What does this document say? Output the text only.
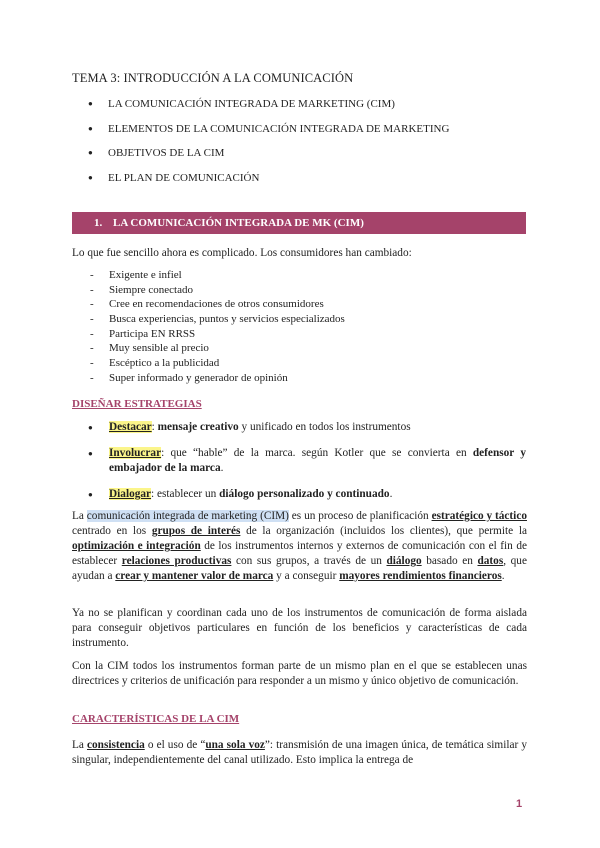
TEMA 3: INTRODUCCIÓN A LA COMUNICACIÓN
● LA COMUNICACIÓN INTEGRADA DE MARKETING (CIM)
● ELEMENTOS DE LA COMUNICACIÓN INTEGRADA DE MARKETING
● OBJETIVOS DE LA CIM
● EL PLAN DE COMUNICACIÓN
1. LA COMUNICACIÓN INTEGRADA DE MK (CIM)

Lo que fue sencillo ahora es complicado. Los consumidores han cambiado:

- Exigente e infiel
- Siempre conectado
- Cree en recomendaciones de otros consumidores
- Busca experiencias, puntos y servicios especializados
- Participa EN RRSS
- Muy sensible al precio
- Escéptico a la publicidad
- Super informado y generador de opinión
DISEÑAR ESTRATEGIAS
● Destacar: mensaje creativo y unificado en todos los instrumentos
● Involucrar: que “hable” de la marca. según Kotler que se convierta en defensor y embajador de la marca.
● Dialogar: establecer un diálogo personalizado y continuado.

La comunicación integrada de marketing (CIM) es un proceso de planificación estratégico y táctico centrado en los grupos de interés de la organización (incluidos los clientes), que permite la optimización e integración de los instrumentos internos y externos de comunicación con el fin de establecer relaciones productivas con sus grupos, a través de un diálogo basado en datos, que ayudan a crear y mantener valor de marca y a conseguir mayores rendimientos financieros.

Ya no se planifican y coordinan cada uno de los instrumentos de comunicación de forma aislada para conseguir objetivos particulares en función de los beneficios y características de cada instrumento.

Con la CIM todos los instrumentos forman parte de un mismo plan en el que se establecen unas directrices y criterios de unificación para responder a un mismo y único objetivo de comunicación.

CARACTERÍSTICAS DE LA CIM

La consistencia o el uso de “una sola voz”: transmisión de una imagen única, de temática similar y singular, independientemente del canal utilizado. Esto implica la entrega de

1
